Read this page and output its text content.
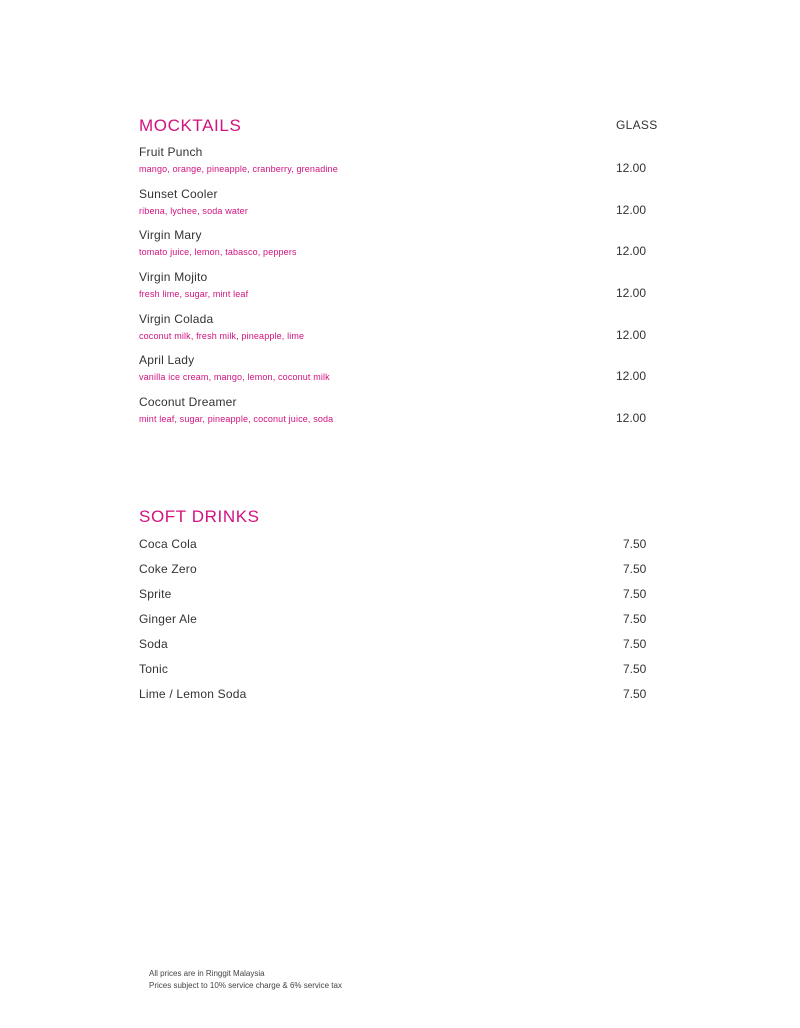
MOCKTAILS	GLASS
Fruit Punch
mango, orange, pineapple, cranberry, grenadine	12.00
Sunset Cooler
ribena, lychee, soda water	12.00
Virgin Mary
tomato juice, lemon, tabasco, peppers	12.00
Virgin Mojito
fresh lime, sugar, mint leaf	12.00
Virgin Colada
coconut milk, fresh milk, pineapple, lime	12.00
April Lady
vanilla ice cream, mango, lemon, coconut milk	12.00
Coconut Dreamer
mint leaf, sugar, pineapple, coconut juice, soda	12.00
SOFT DRINKS
Coca Cola	7.50
Coke Zero	7.50
Sprite	7.50
Ginger Ale	7.50
Soda	7.50
Tonic	7.50
Lime / Lemon Soda	7.50
All prices are in Ringgit Malaysia
Prices subject to 10% service charge & 6% service tax
